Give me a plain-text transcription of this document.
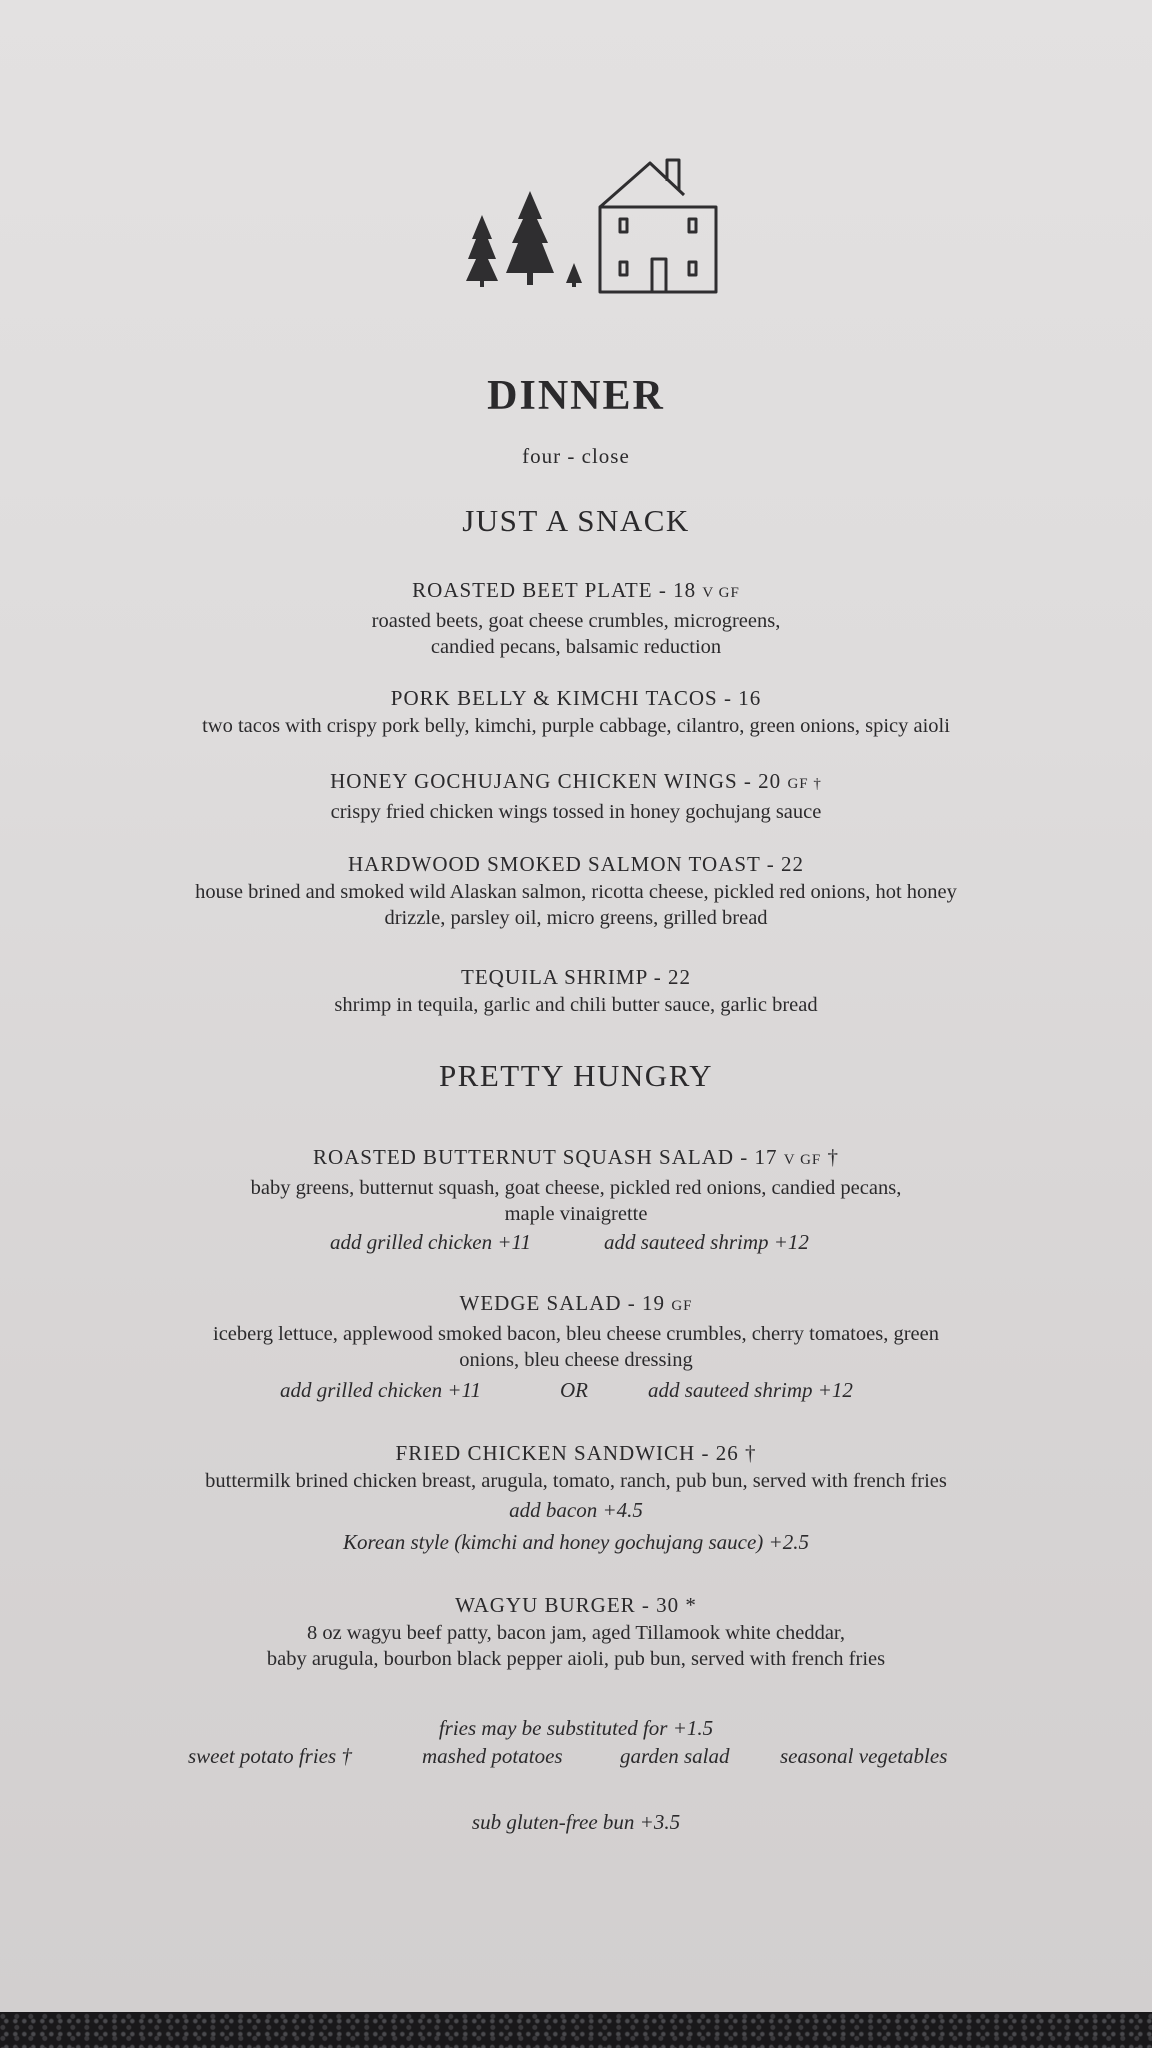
DINNER
four - close
JUST A SNACK
ROASTED BEET PLATE - 18 V GF
roasted beets, goat cheese crumbles, microgreens,
candied pecans, balsamic reduction
PORK BELLY & KIMCHI TACOS - 16
two tacos with crispy pork belly, kimchi, purple cabbage, cilantro, green onions, spicy aioli
HONEY GOCHUJANG CHICKEN WINGS - 20 GF †
crispy fried chicken wings tossed in honey gochujang sauce
HARDWOOD SMOKED SALMON TOAST - 22
house brined and smoked wild Alaskan salmon, ricotta cheese, pickled red onions, hot honey
drizzle, parsley oil, micro greens, grilled bread
TEQUILA SHRIMP - 22
shrimp in tequila, garlic and chili butter sauce, garlic bread
PRETTY HUNGRY
ROASTED BUTTERNUT SQUASH SALAD - 17 V GF †
baby greens, butternut squash, goat cheese, pickled red onions, candied pecans,
maple vinaigrette
add grilled chicken +11	add sauteed shrimp +12
WEDGE SALAD - 19 GF
iceberg lettuce, applewood smoked bacon, bleu cheese crumbles, cherry tomatoes, green
onions, bleu cheese dressing
add grilled chicken +11	OR	add sauteed shrimp +12
FRIED CHICKEN SANDWICH - 26 †
buttermilk brined chicken breast, arugula, tomato, ranch, pub bun, served with french fries
add bacon +4.5
Korean style (kimchi and honey gochujang sauce) +2.5
WAGYU BURGER - 30 *
8 oz wagyu beef patty, bacon jam, aged Tillamook white cheddar,
baby arugula, bourbon black pepper aioli, pub bun, served with french fries
fries may be substituted for +1.5
sweet potato fries †	mashed potatoes	garden salad seasonal vegetables
sub gluten-free bun +3.5
